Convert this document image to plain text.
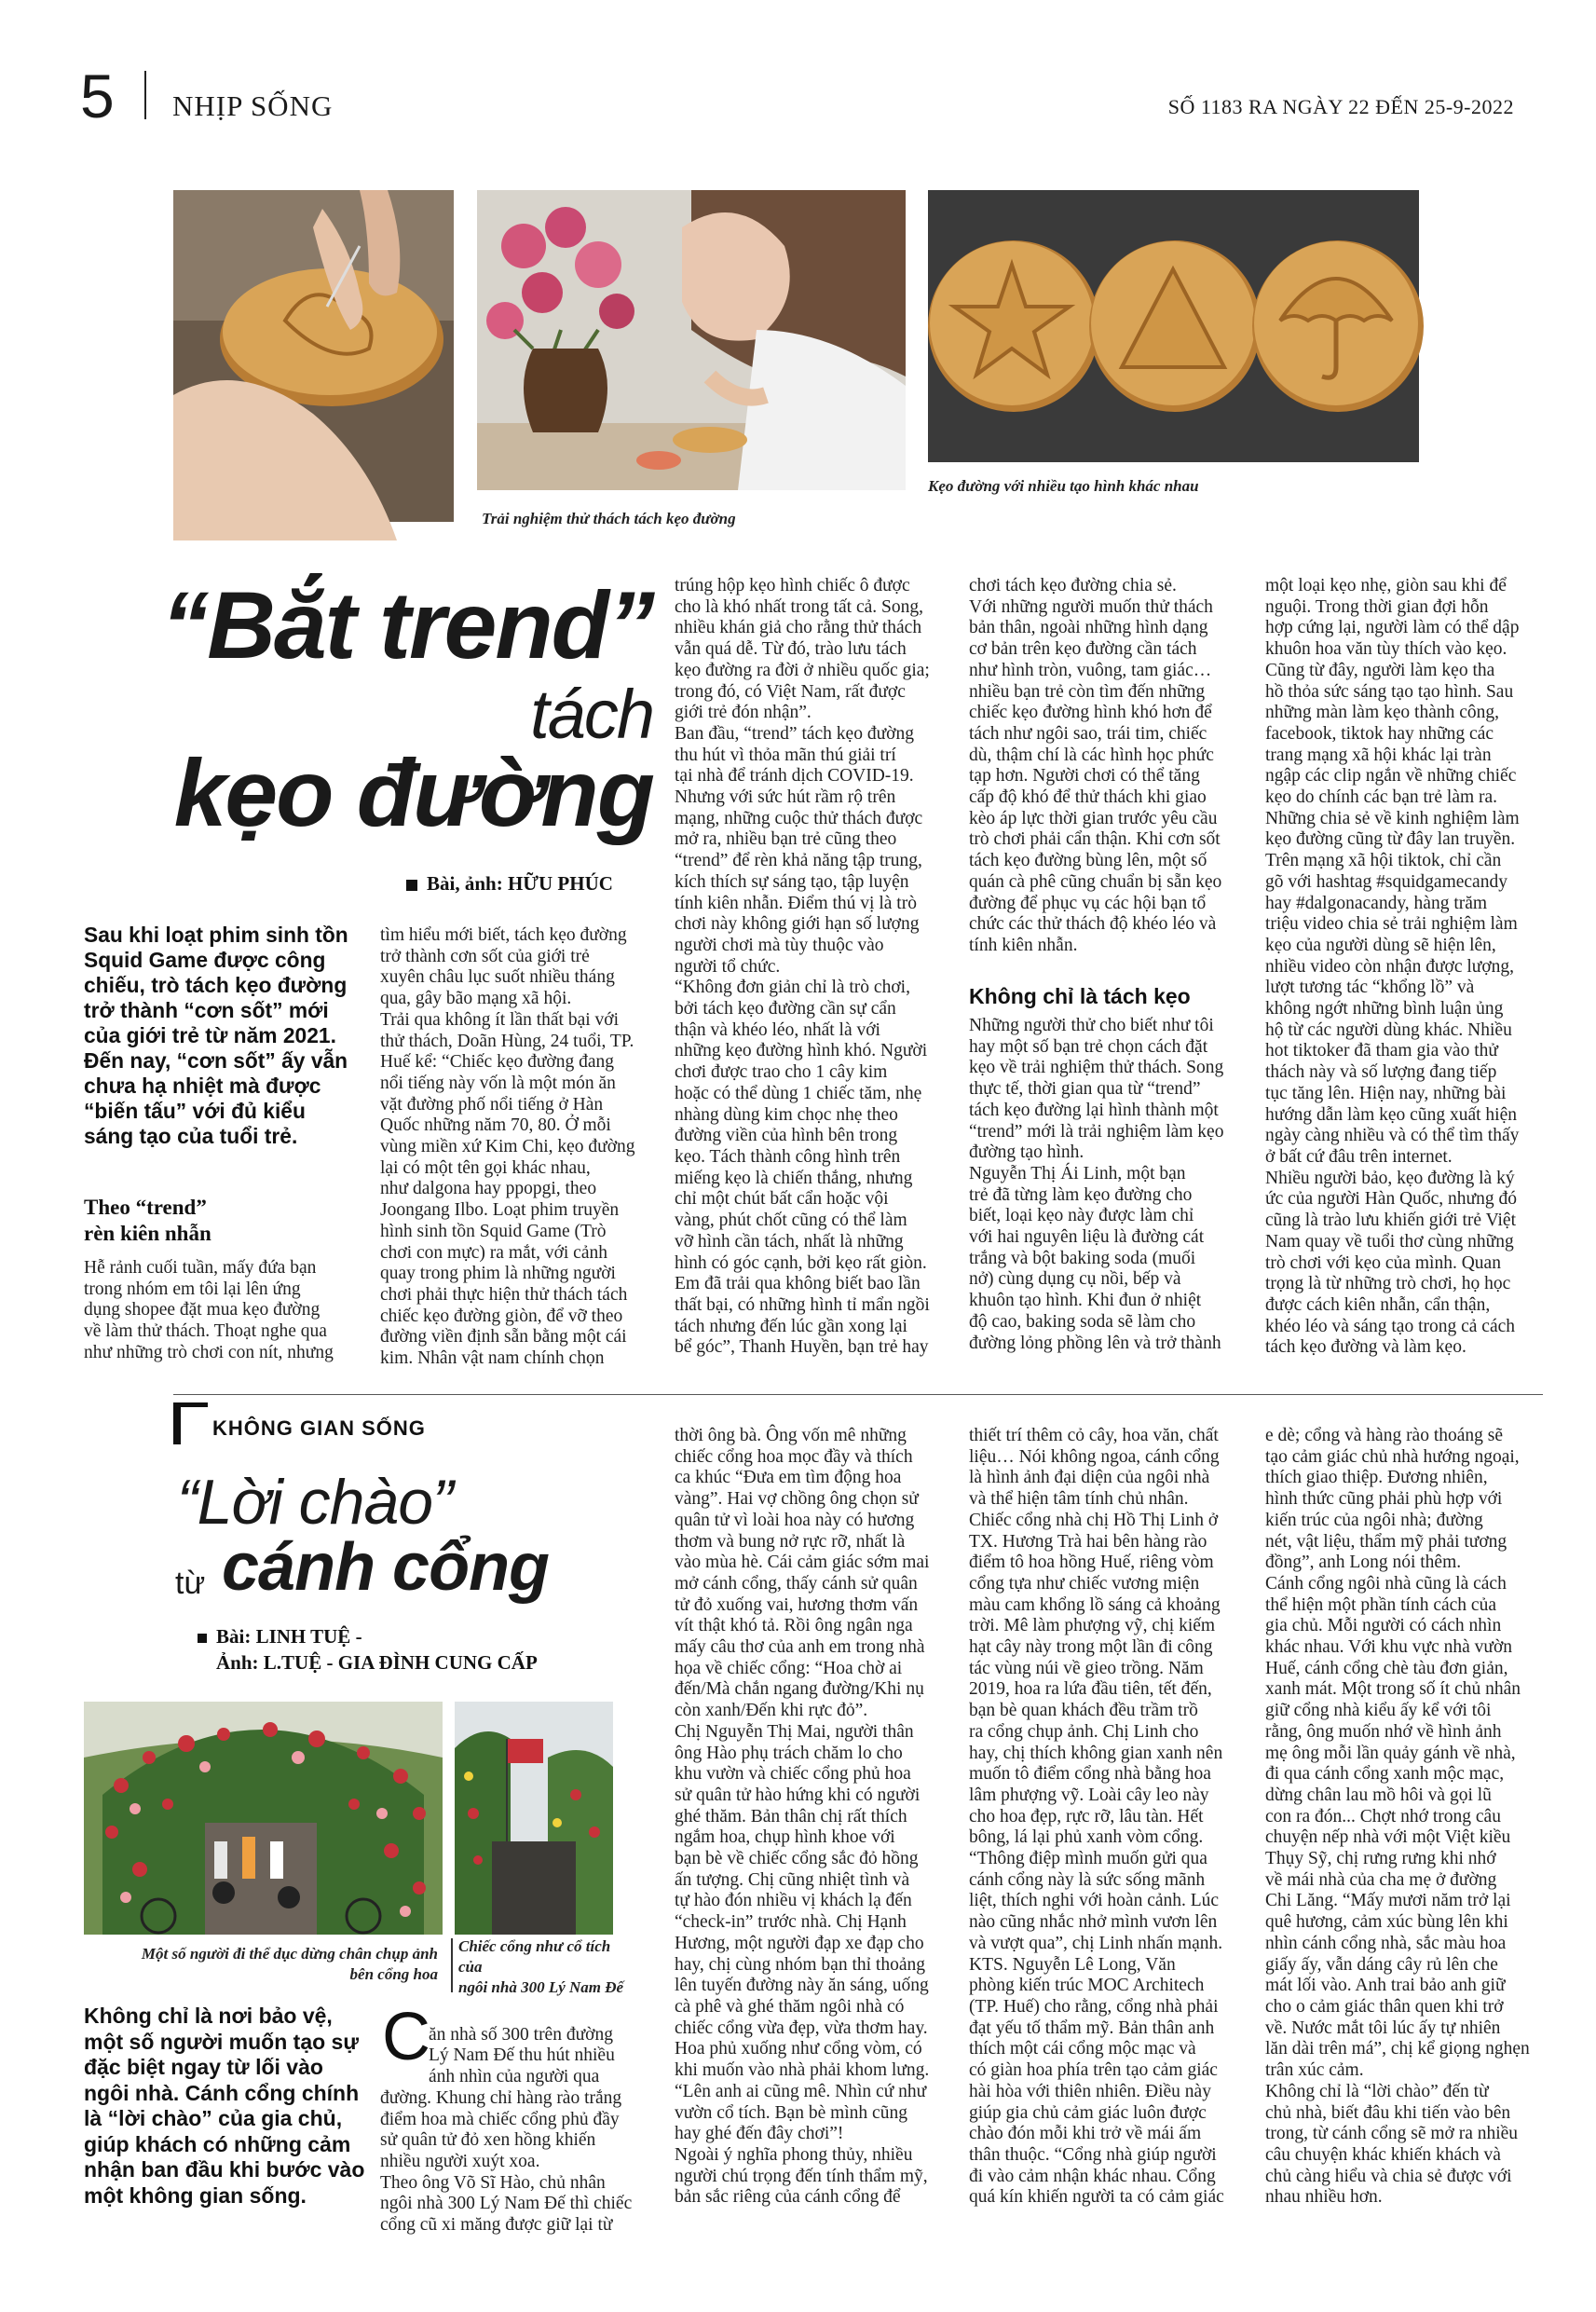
5 NHỊP SỐNG	SỐ 1183 RA NGÀY 22 ĐẾN 25-9-2022
Trải nghiệm thử thách tách kẹo đường
Kẹo đường với nhiều tạo hình khác nhau
“Bắt trend”
tách
kẹo đường
Bài, ảnh: HỮU PHÚC
Sau khi loạt phim sinh tồn
Squid Game được công
chiếu, trò tách kẹo đường
trở thành “cơn sốt” mới
của giới trẻ từ năm 2021.
Đến nay, “cơn sốt” ấy vẫn
chưa hạ nhiệt mà được
“biến tấu” với đủ kiểu
sáng tạo của tuổi trẻ.
Theo “trend”
rèn kiên nhẫn
Hễ rảnh cuối tuần, mấy đứa bạn
trong nhóm em tôi lại lên ứng
dụng shopee đặt mua kẹo đường
về làm thử thách. Thoạt nghe qua
như những trò chơi con nít, nhưng
tìm hiểu mới biết, tách kẹo đường
trở thành cơn sốt của giới trẻ
xuyên châu lục suốt nhiều tháng
qua, gây bão mạng xã hội.
Trải qua không ít lần thất bại với
thử thách, Doãn Hùng, 24 tuổi, TP.
Huế kể: “Chiếc kẹo đường đang
nổi tiếng này vốn là một món ăn
vặt đường phố nổi tiếng ở Hàn
Quốc những năm 70, 80. Ở mỗi
vùng miền xứ Kim Chi, kẹo đường
lại có một tên gọi khác nhau,
như dalgona hay ppopgi, theo
Joongang Ilbo. Loạt phim truyền
hình sinh tồn Squid Game (Trò
chơi con mực) ra mắt, với cảnh
quay trong phim là những người
chơi phải thực hiện thử thách tách
chiếc kẹo đường giòn, để vỡ theo
đường viền định sẵn bằng một cái
kim. Nhân vật nam chính chọn
trúng hộp kẹo hình chiếc ô được
cho là khó nhất trong tất cả. Song,
nhiều khán giả cho rằng thử thách
vẫn quá dễ. Từ đó, trào lưu tách
kẹo đường ra đời ở nhiều quốc gia;
trong đó, có Việt Nam, rất được
giới trẻ đón nhận”.
Ban đầu, “trend” tách kẹo đường
thu hút vì thỏa mãn thú giải trí
tại nhà để tránh dịch COVID-19.
Nhưng với sức hút rầm rộ trên
mạng, những cuộc thử thách được
mở ra, nhiều bạn trẻ cũng theo
“trend” để rèn khả năng tập trung,
kích thích sự sáng tạo, tập luyện
tính kiên nhẫn. Điểm thú vị là trò
chơi này không giới hạn số lượng
người chơi mà tùy thuộc vào
người tổ chức.
“Không đơn giản chỉ là trò chơi,
bởi tách kẹo đường cần sự cẩn
thận và khéo léo, nhất là với
những kẹo đường hình khó. Người
chơi được trao cho 1 cây kim
hoặc có thể dùng 1 chiếc tăm, nhẹ
nhàng dùng kim chọc nhẹ theo
đường viền của hình bên trong
kẹo. Tách thành công hình trên
miếng kẹo là chiến thắng, nhưng
chỉ một chút bất cẩn hoặc vội
vàng, phút chốt cũng có thể làm
vỡ hình cần tách, nhất là những
hình có góc cạnh, bởi kẹo rất giòn.
Em đã trải qua không biết bao lần
thất bại, có những hình tỉ mẩn ngồi
tách nhưng đến lúc gần xong lại
bể góc”, Thanh Huyền, bạn trẻ hay
chơi tách kẹo đường chia sẻ.
Với những người muốn thử thách
bản thân, ngoài những hình dạng
cơ bản trên kẹo đường cần tách
như hình tròn, vuông, tam giác…
nhiều bạn trẻ còn tìm đến những
chiếc kẹo đường hình khó hơn để
tách như ngôi sao, trái tim, chiếc
dù, thậm chí là các hình học phức
tạp hơn. Người chơi có thể tăng
cấp độ khó để thử thách khi giao
kèo áp lực thời gian trước yêu cầu
trò chơi phải cẩn thận. Khi cơn sốt
tách kẹo đường bùng lên, một số
quán cà phê cũng chuẩn bị sẵn kẹo
đường để phục vụ các hội bạn tổ
chức các thử thách độ khéo léo và
tính kiên nhẫn.
Không chỉ là tách kẹo
Những người thử cho biết như tôi
hay một số bạn trẻ chọn cách đặt
kẹo về trải nghiệm thử thách. Song
thực tế, thời gian qua từ “trend”
tách kẹo đường lại hình thành một
“trend” mới là trải nghiệm làm kẹo
đường tạo hình.
Nguyễn Thị Ái Linh, một bạn
trẻ đã từng làm kẹo đường cho
biết, loại kẹo này được làm chỉ
với hai nguyên liệu là đường cát
trắng và bột baking soda (muối
nở) cùng dụng cụ nồi, bếp và
khuôn tạo hình. Khi đun ở nhiệt
độ cao, baking soda sẽ làm cho
đường lỏng phồng lên và trở thành
một loại kẹo nhẹ, giòn sau khi để
nguội. Trong thời gian đợi hỗn
hợp cứng lại, người làm có thể dập
khuôn hoa văn tùy thích vào kẹo.
Cũng từ đây, người làm kẹo tha
hồ thỏa sức sáng tạo tạo hình. Sau
những màn làm kẹo thành công,
facebook, tiktok hay những các
trang mạng xã hội khác lại tràn
ngập các clip ngắn về những chiếc
kẹo do chính các bạn trẻ làm ra.
Những chia sẻ về kinh nghiệm làm
kẹo đường cũng từ đây lan truyền.
Trên mạng xã hội tiktok, chỉ cần
gõ với hashtag #squidgamecandy
hay #dalgonacandy, hàng trăm
triệu video chia sẻ trải nghiệm làm
kẹo của người dùng sẽ hiện lên,
nhiều video còn nhận được lượng,
lượt tương tác “khổng lồ” và
không ngớt những bình luận ủng
hộ từ các người dùng khác. Nhiều
hot tiktoker đã tham gia vào thử
thách này và số lượng đang tiếp
tục tăng lên. Hiện nay, những bài
hướng dẫn làm kẹo cũng xuất hiện
ngày càng nhiều và có thể tìm thấy
ở bất cứ đâu trên internet.
Nhiều người bảo, kẹo đường là ký
ức của người Hàn Quốc, nhưng đó
cũng là trào lưu khiến giới trẻ Việt
Nam quay về tuổi thơ cùng những
trò chơi với kẹo của mình. Quan
trọng là từ những trò chơi, họ học
được cách kiên nhẫn, cẩn thận,
khéo léo và sáng tạo trong cả cách
tách kẹo đường và làm kẹo.
KHÔNG GIAN SỐNG
“Lời chào”
từ cánh cổng
Bài: LINH TUỆ -
Ảnh: L.TUỆ - GIA ĐÌNH CUNG CẤP
Một số người đi thể dục dừng chân chụp ảnh
bên cổng hoa
Chiếc cổng như cổ tích của
ngôi nhà 300 Lý Nam Đế
Không chỉ là nơi bảo vệ,
một số người muốn tạo sự
đặc biệt ngay từ lối vào
ngôi nhà. Cánh cổng chính
là “lời chào” của gia chủ,
giúp khách có những cảm
nhận ban đầu khi bước vào
một không gian sống.
C

ăn nhà số 300 trên đường
Lý Nam Đế thu hút nhiều
ánh nhìn của người qua
đường. Khung chỉ hàng rào trắng
điểm hoa mà chiếc cổng phủ đầy
sử quân tử đỏ xen hồng khiến
nhiều người xuýt xoa.
Theo ông Võ Sĩ Hào, chủ nhân
ngôi nhà 300 Lý Nam Đế thì chiếc
cổng cũ xi măng được giữ lại từ

thời ông bà. Ông vốn mê những
chiếc cổng hoa mọc đầy và thích
ca khúc “Đưa em tìm động hoa
vàng”. Hai vợ chồng ông chọn sử
quân tử vì loài hoa này có hương
thơm và bung nở rực rỡ, nhất là
vào mùa hè. Cái cảm giác sớm mai
mở cánh cổng, thấy cánh sử quân
tử đỏ xuống vai, hương thơm vấn
vít thật khó tả. Rồi ông ngân nga
mấy câu thơ của anh em trong nhà
họa về chiếc cổng: “Hoa chờ ai
đến/Mà chắn ngang đường/Khi nụ
còn xanh/Đến khi rực đỏ”.
Chị Nguyễn Thị Mai, người thân
ông Hào phụ trách chăm lo cho
khu vườn và chiếc cổng phủ hoa
sử quân tử hào hứng khi có người
ghé thăm. Bản thân chị rất thích
ngắm hoa, chụp hình khoe với
bạn bè về chiếc cổng sắc đỏ hồng
ấn tượng. Chị cũng nhiệt tình và
tự hào đón nhiều vị khách lạ đến
“check-in” trước nhà. Chị Hạnh
Hương, một người đạp xe đạp cho
hay, chị cùng nhóm bạn thỉ thoảng
lên tuyến đường này ăn sáng, uống
cà phê và ghé thăm ngôi nhà có
chiếc cổng vừa đẹp, vừa thơm hay.
Hoa phủ xuống như cổng vòm, có
khi muốn vào nhà phải khom lưng.
“Lên anh ai cũng mê. Nhìn cứ như
vườn cổ tích. Bạn bè mình cũng
hay ghé đến đây chơi”!
Ngoài ý nghĩa phong thủy, nhiều
người chú trọng đến tính thẩm mỹ,
bản sắc riêng của cánh cổng để
thiết trí thêm cỏ cây, hoa văn, chất
liệu… Nói không ngoa, cánh cổng
là hình ảnh đại diện của ngôi nhà
và thể hiện tâm tính chủ nhân.
Chiếc cổng nhà chị Hồ Thị Linh ở
TX. Hương Trà hai bên hàng rào
điểm tô hoa hồng Huế, riêng vòm
cổng tựa như chiếc vương miện
màu cam khổng lồ sáng cả khoảng
trời. Mê làm phượng vỹ, chị kiếm
hạt cây này trong một lần đi công
tác vùng núi về gieo trồng. Năm
2019, hoa ra lứa đầu tiên, tết đến,
bạn bè quan khách đều trầm trồ
ra cổng chụp ảnh. Chị Linh cho
hay, chị thích không gian xanh nên
muốn tô điểm cổng nhà bằng hoa
lâm phượng vỹ. Loài cây leo này
cho hoa đẹp, rực rỡ, lâu tàn. Hết
bông, lá lại phủ xanh vòm cổng.
“Thông điệp mình muốn gửi qua
cánh cổng này là sức sống mãnh
liệt, thích nghi với hoàn cảnh. Lúc
nào cũng nhắc nhở mình vươn lên
và vượt qua”, chị Linh nhấn mạnh.
KTS. Nguyễn Lê Long, Văn
phòng kiến trúc MOC Architech
(TP. Huế) cho rằng, cổng nhà phải
đạt yếu tố thẩm mỹ. Bản thân anh
thích một cái cổng mộc mạc và
có giàn hoa phía trên tạo cảm giác
hài hòa với thiên nhiên. Điều này
giúp gia chủ cảm giác luôn được
chào đón mỗi khi trở về mái ấm
thân thuộc. “Cổng nhà giúp người
đi vào cảm nhận khác nhau. Cổng
quá kín khiến người ta có cảm giác
e dè; cổng và hàng rào thoáng sẽ
tạo cảm giác chủ nhà hướng ngoại,
thích giao thiệp. Đương nhiên,
hình thức cũng phải phù hợp với
kiến trúc của ngôi nhà; đường
nét, vật liệu, thẩm mỹ phải tương
đồng”, anh Long nói thêm.
Cánh cổng ngôi nhà cũng là cách
thể hiện một phần tính cách của
gia chủ. Mỗi người có cách nhìn
khác nhau. Với khu vực nhà vườn
Huế, cánh cổng chè tàu đơn giản,
xanh mát. Một trong số ít chủ nhân
giữ cổng nhà kiểu ấy kể với tôi
rằng, ông muốn nhớ về hình ảnh
mẹ ông mỗi lần quảy gánh về nhà,
đi qua cánh cổng xanh mộc mạc,
dừng chân lau mồ hôi và gọi lũ
con ra đón... Chợt nhớ trong câu
chuyện nếp nhà với một Việt kiều
Thụy Sỹ, chị rưng rưng khi nhớ
về mái nhà của cha mẹ ở đường
Chi Lăng. “Mấy mươi năm trở lại
quê hương, cảm xúc bùng lên khi
nhìn cánh cổng nhà, sắc màu hoa
giấy ấy, vẫn dáng cây rủ lên che
mát lối vào. Anh trai bảo anh giữ
cho o cảm giác thân quen khi trở
về. Nước mắt tôi lúc ấy tự nhiên
lăn dài trên má”, chị kể giọng nghẹn
trân xúc cảm.
Không chỉ là “lời chào” đến từ
chủ nhà, biết đâu khi tiến vào bên
trong, từ cánh cổng sẽ mở ra nhiều
câu chuyện khác khiến khách và
chủ càng hiểu và chia sẻ được với
nhau nhiều hơn.
